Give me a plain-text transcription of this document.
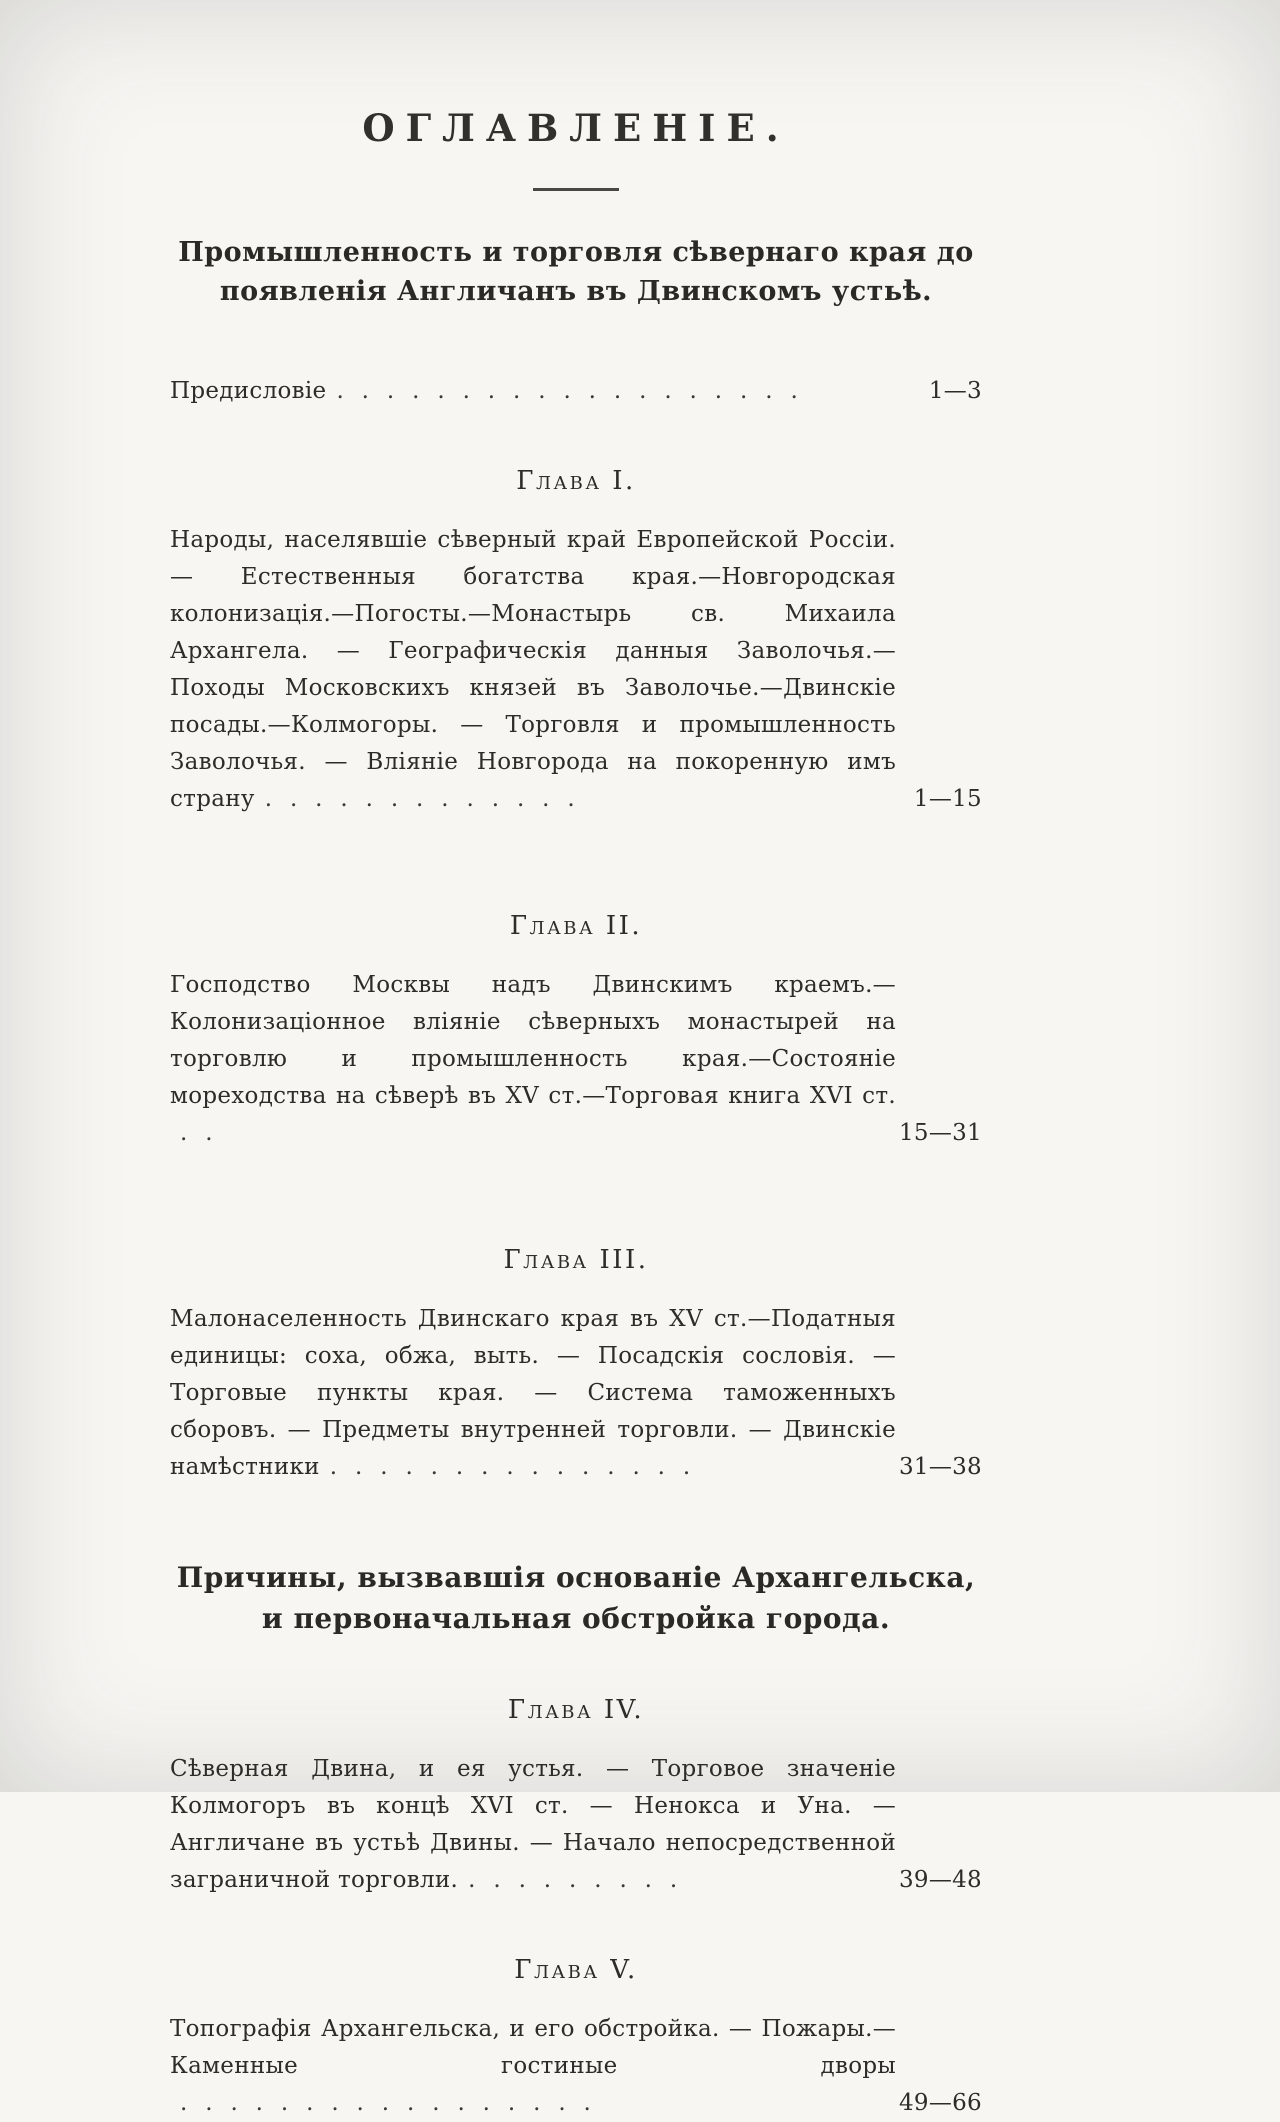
ОГЛАВЛЕНІЕ.
Промышленность и торговля сѣвернаго края до появленія Англичанъ въ Двинскомъ устьѣ.

Предисловіе . . . . . . . . . . . . . . . . . . .	1—3

Глава I.

Народы, населявшіе сѣверный край Европейской Россіи. — Естественныя богатства края.—Новгородская колонизація.—Погосты.—Монастырь св. Михаила Архангела. — Географическія данныя Заволочья.— Походы Московскихъ князей въ Заволочье.—Двинскіе посады.—Колмогоры. — Торговля и промышленность Заволочья. — Вліяніе Новгорода на покоренную имъ страну . . . . . . . . . . . . .	1—15

Глава II.

Господство Москвы надъ Двинскимъ краемъ.—Колонизаціонное вліяніе сѣверныхъ монастырей на торговлю и промышленность края.—Состояніе мореходства на сѣверѣ въ XV ст.—Торговая книга XVI ст.. .	15—31

Глава III.

Малонаселенность Двинскаго края въ XV ст.—Податныя единицы: соха, обжа, выть. — Посадскія сословія. — Торговые пункты края. — Система таможенныхъ сборовъ. — Предметы внутренней торговли. — Двинскіе намѣстники . . . . . . . . . . . . . . .	31—38

Причины, вызвавшія основаніе Архангельска, и первоначальная обстройка города.
Глава IV.

Сѣверная Двина, и ея устья. — Торговое значеніе Колмогоръ въ концѣ XVI ст. — Ненокса и Уна. — Англичане въ устьѣ Двины. — Начало непосредственной заграничной торговли. . . . . . . . . .	39—48

Глава V.

Топографія Архангельска, и его обстройка. — Пожары.—Каменные гостиные дворы. . . . . . . . . . . . . . . . .	49—66
